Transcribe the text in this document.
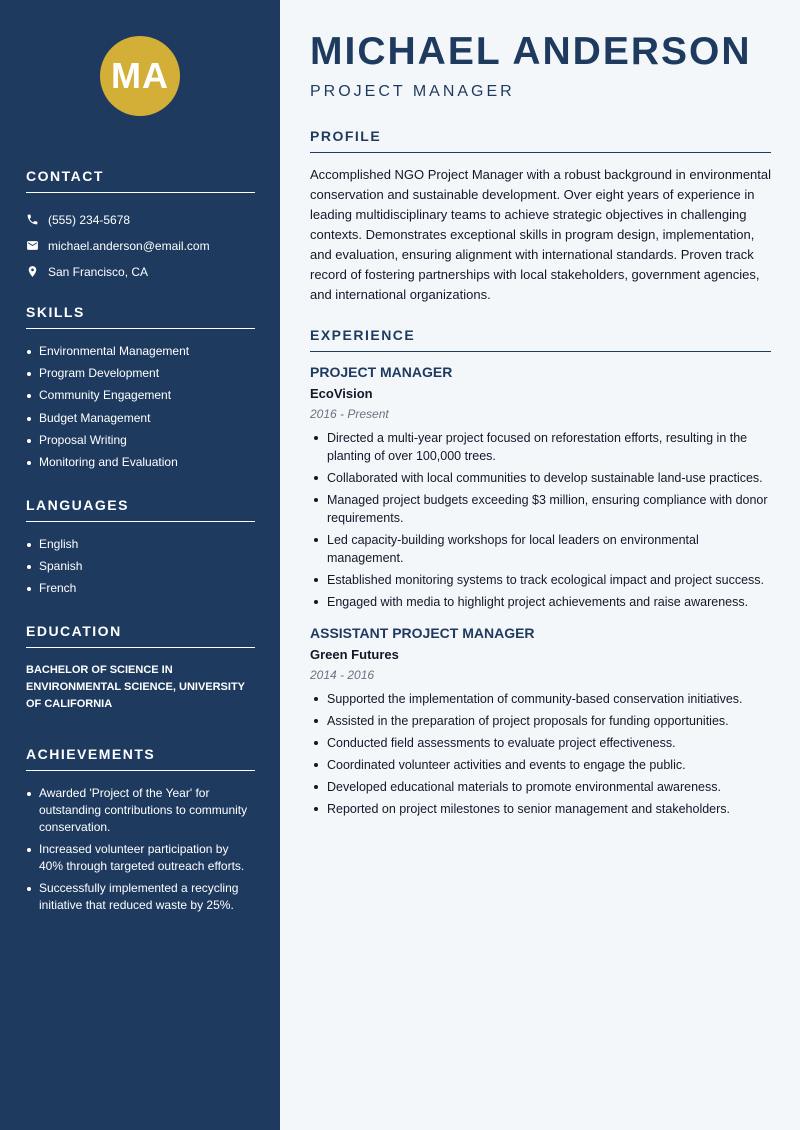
MA
CONTACT
(555) 234-5678
michael.anderson@email.com
San Francisco, CA
SKILLS
Environmental Management
Program Development
Community Engagement
Budget Management
Proposal Writing
Monitoring and Evaluation
LANGUAGES
English
Spanish
French
EDUCATION
BACHELOR OF SCIENCE IN ENVIRONMENTAL SCIENCE, UNIVERSITY OF CALIFORNIA
ACHIEVEMENTS
Awarded 'Project of the Year' for outstanding contributions to community conservation.
Increased volunteer participation by 40% through targeted outreach efforts.
Successfully implemented a recycling initiative that reduced waste by 25%.
MICHAEL ANDERSON
PROJECT MANAGER
PROFILE

Accomplished NGO Project Manager with a robust background in environmental conservation and sustainable development. Over eight years of experience in leading multidisciplinary teams to achieve strategic objectives in challenging contexts. Demonstrates exceptional skills in program design, implementation, and evaluation, ensuring alignment with international standards. Proven track record of fostering partnerships with local stakeholders, government agencies, and international organizations.

EXPERIENCE
PROJECT MANAGER
EcoVision
2016 - Present
Directed a multi-year project focused on reforestation efforts, resulting in the planting of over 100,000 trees.
Collaborated with local communities to develop sustainable land-use practices.
Managed project budgets exceeding $3 million, ensuring compliance with donor requirements.
Led capacity-building workshops for local leaders on environmental management.
Established monitoring systems to track ecological impact and project success.
Engaged with media to highlight project achievements and raise awareness.
ASSISTANT PROJECT MANAGER
Green Futures
2014 - 2016
Supported the implementation of community-based conservation initiatives.
Assisted in the preparation of project proposals for funding opportunities.
Conducted field assessments to evaluate project effectiveness.
Coordinated volunteer activities and events to engage the public.
Developed educational materials to promote environmental awareness.
Reported on project milestones to senior management and stakeholders.
